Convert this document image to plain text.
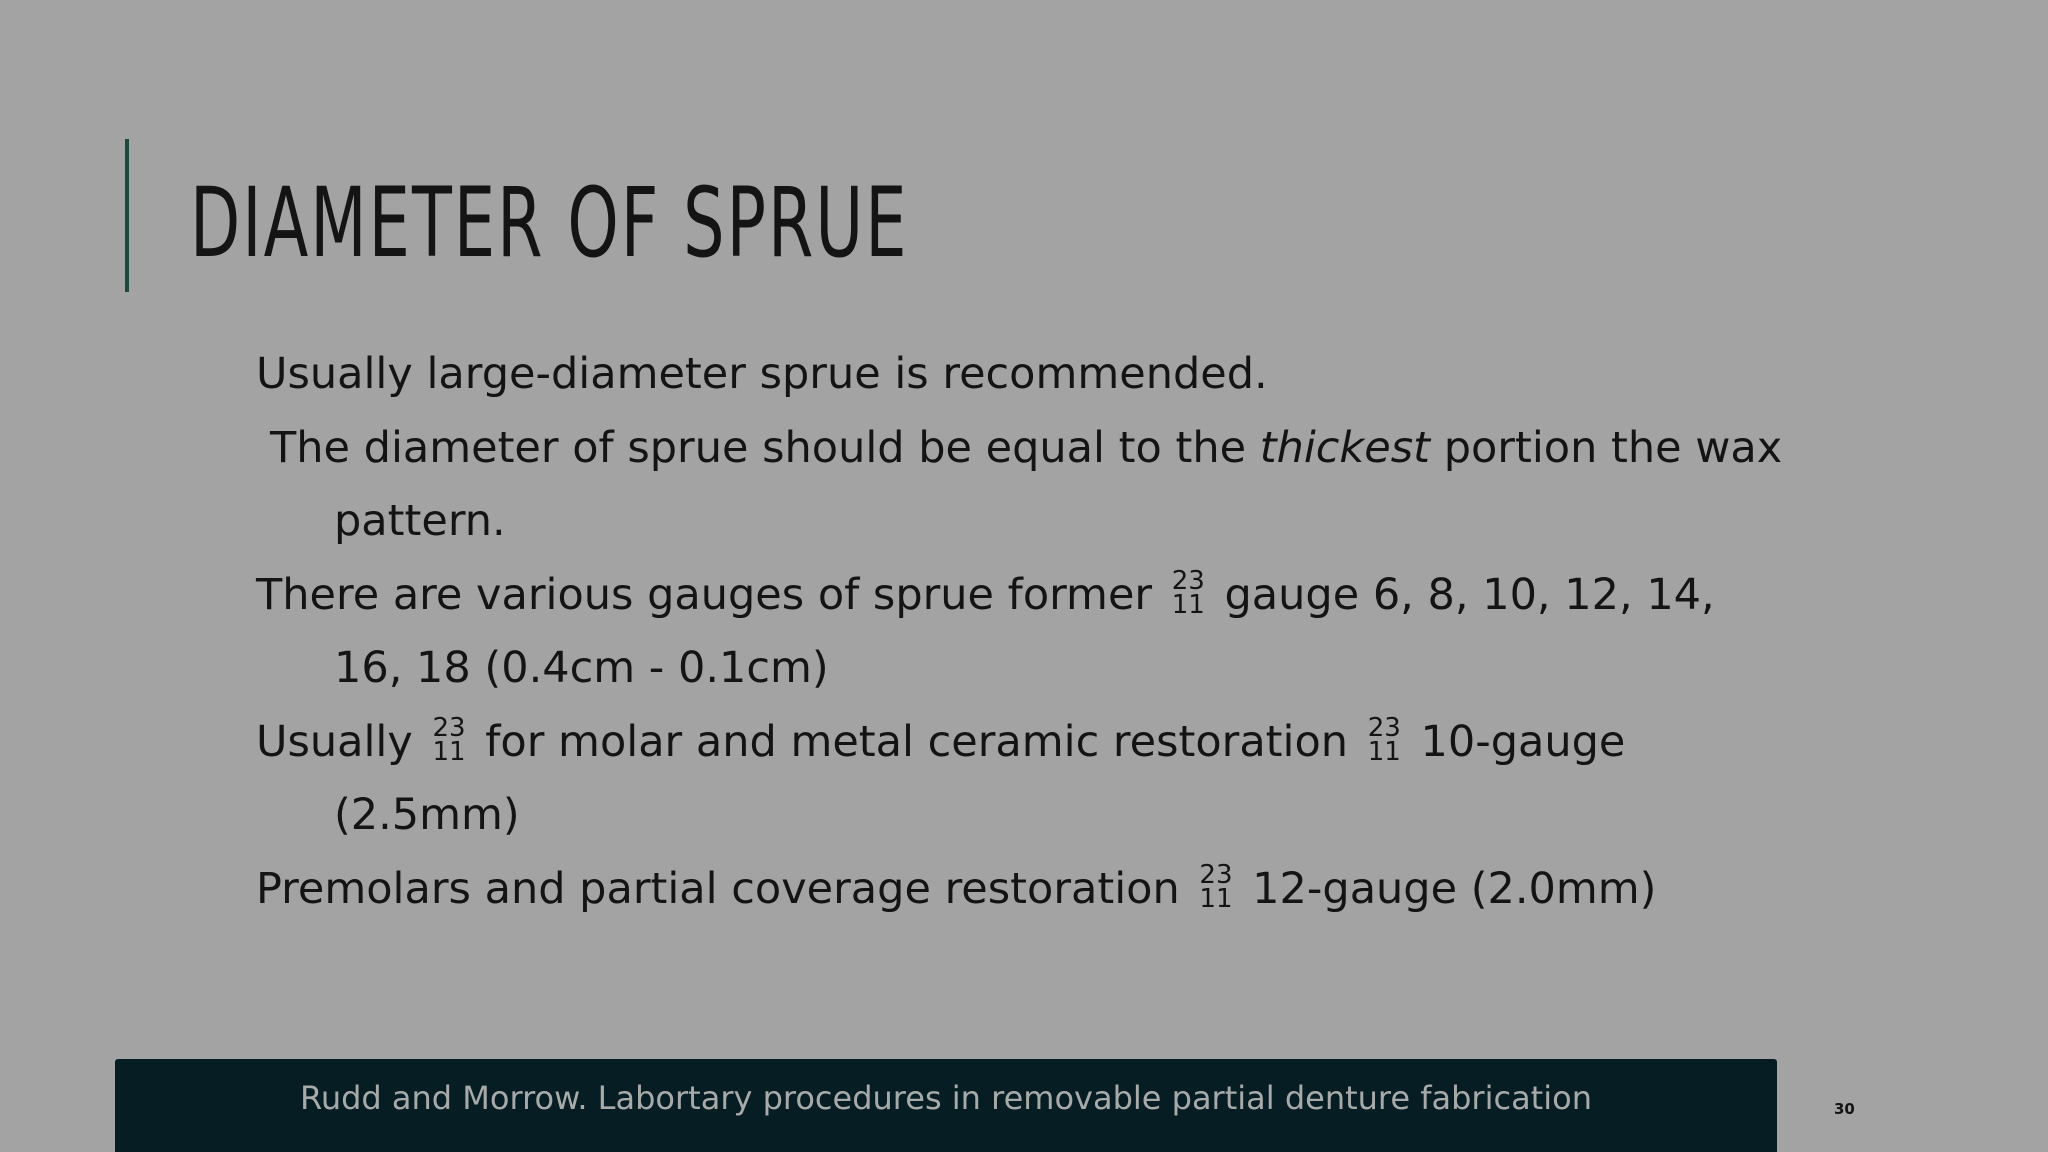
DIAMETER OF SPRUE
Usually large-diameter sprue is recommended.
The diameter of sprue should be equal to the thickest portion the wax
pattern.
There are various gauges of sprue former 23
11 gauge 6, 8, 10, 12, 14,
16, 18 (0.4cm - 0.1cm)
Usually 23
11 for molar and metal ceramic restoration 23
11 10-gauge
(2.5mm)
Premolars and partial coverage restoration 23
11 12-gauge (2.0mm)
Rudd and Morrow. Labortary procedures in removable partial denture fabrication	30
